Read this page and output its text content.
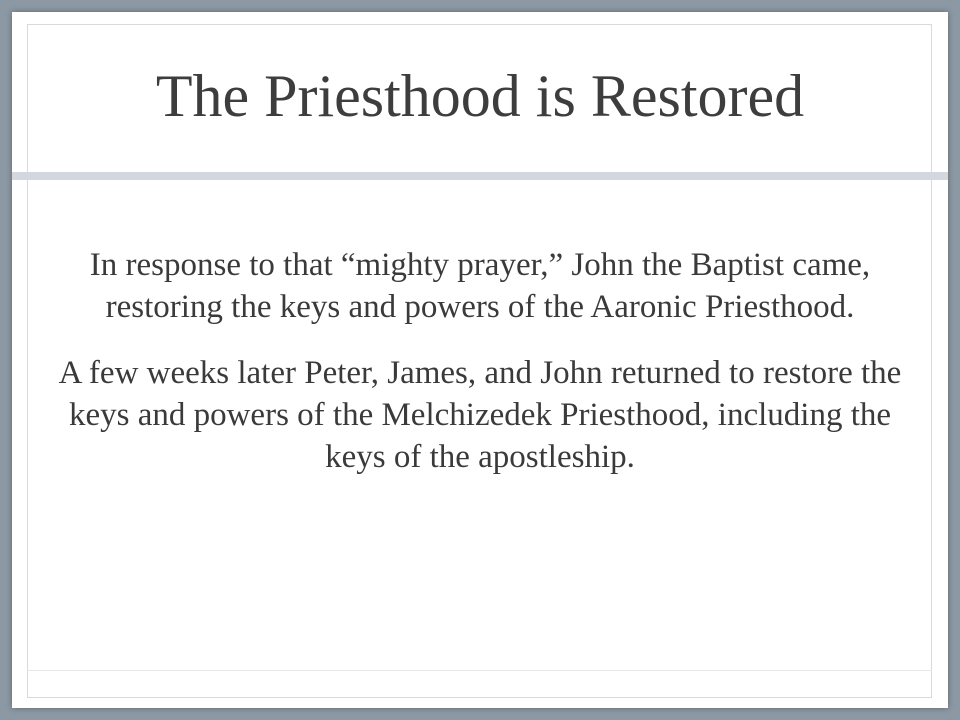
The Priesthood is Restored

In response to that “mighty prayer,” John the Baptist came, restoring the keys and powers of the Aaronic Priesthood.

A few weeks later Peter, James, and John returned to restore the keys and powers of the Melchizedek Priesthood, including the keys of the apostleship.
